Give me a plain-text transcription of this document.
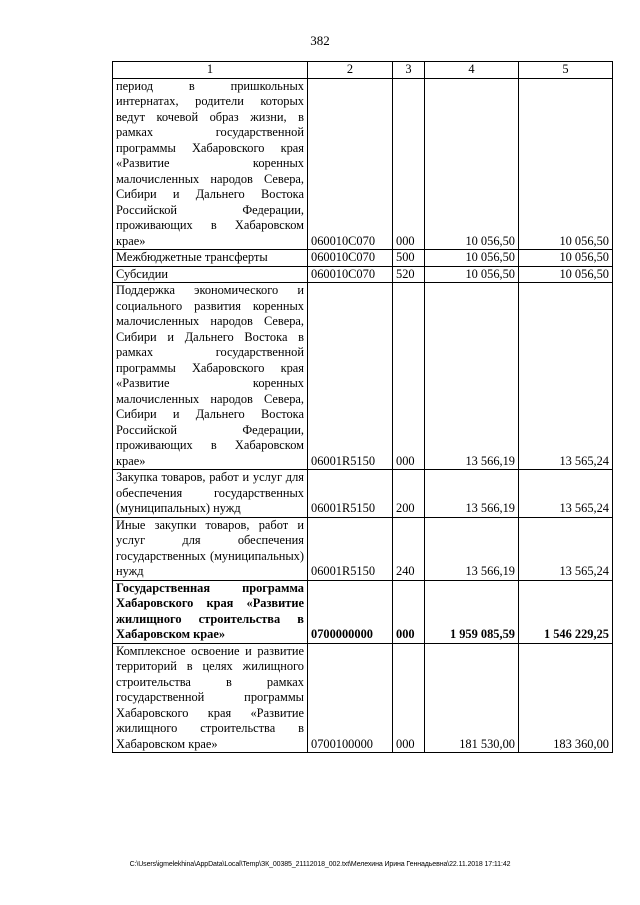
382
1	2	3	4	5
период в пришкольных интернатах, родители которых ведут кочевой образ жизни, в рамках государственной программы Хабаровского края «Развитие коренных малочисленных народов Севера, Сибири и Дальнего Востока Российской Федерации, проживающих в Хабаровском крае»	060010С070	000	10 056,50	10 056,50
Межбюджетные трансферты	060010С070	500	10 056,50	10 056,50
Субсидии	060010С070	520	10 056,50	10 056,50
Поддержка экономического и социального развития коренных малочисленных народов Севера, Сибири и Дальнего Востока в рамках государственной программы Хабаровского края «Развитие коренных малочисленных народов Севера, Сибири и Дальнего Востока Российской Федерации, проживающих в Хабаровском крае»	06001R5150	000	13 566,19	13 565,24
Закупка товаров, работ и услуг для обеспечения государственных (муниципальных) нужд	06001R5150	200	13 566,19	13 565,24
Иные закупки товаров, работ и услуг для обеспечения государственных (муниципальных) нужд	06001R5150	240	13 566,19	13 565,24
Государственная программа Хабаровского края «Развитие жилищного строительства в Хабаровском крае»	0700000000	000	1 959 085,59	1 546 229,25
Комплексное освоение и развитие территорий в целях жилищного строительства в рамках государственной программы Хабаровского края «Развитие жилищного строительства в Хабаровском крае»	0700100000	000	181 530,00	183 360,00
C:\Users\igmelekhina\AppData\Local\Temp\ЗК_00385_21112018_002.txt\Мелехина Ирина Геннадьевна\22.11.2018 17:11:42
